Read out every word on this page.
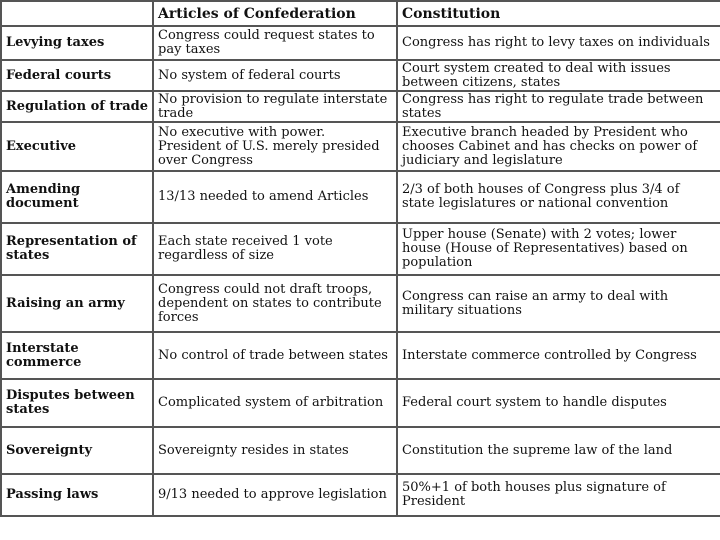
	Articles of Confederation	Constitution
Levying taxes	Congress could request states to pay taxes	Congress has right to levy taxes on individuals
Federal courts	No system of federal courts	Court system created to deal with issues between citizens, states
Regulation of trade	No provision to regulate interstate trade	Congress has right to regulate trade between states
Executive	No executive with power. President of U.S. merely presided over Congress	Executive branch headed by President who chooses Cabinet and has checks on power of judiciary and legislature
Amending document	13/13 needed to amend Articles	2/3 of both houses of Congress plus 3/4 of state legislatures or national convention
Representation of states	Each state received 1 vote regardless of size	Upper house (Senate) with 2 votes; lower house (House of Representatives) based on population
Raising an army	Congress could not draft troops, dependent on states to contribute forces	Congress can raise an army to deal with military situations
Interstate commerce	No control of trade between states	Interstate commerce controlled by Congress
Disputes between states	Complicated system of arbitration	Federal court system to handle disputes
Sovereignty	Sovereignty resides in states	Constitution the supreme law of the land
Passing laws	9/13 needed to approve legislation	50%+1 of both houses plus signature of President
